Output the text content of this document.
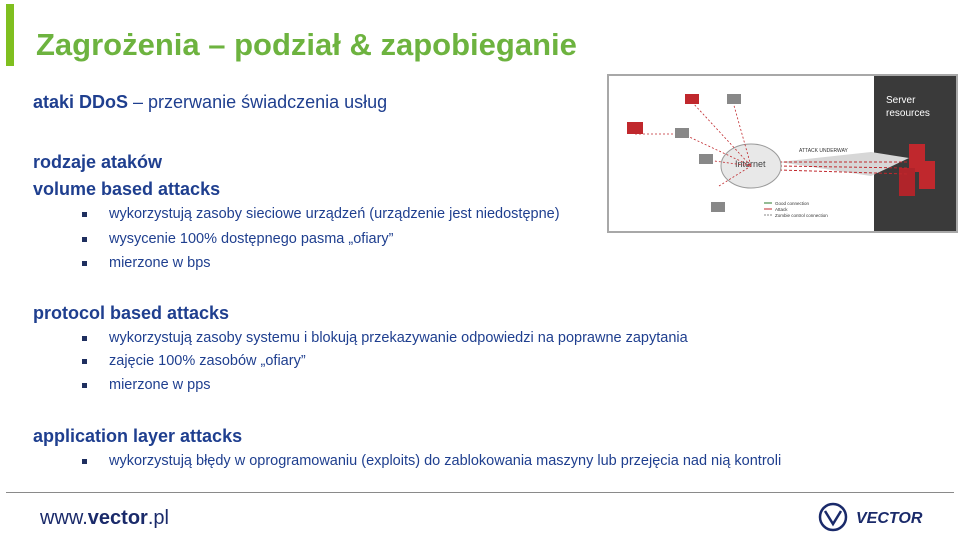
Zagrożenia – podział & zapobieganie
ataki DDoS – przerwanie świadczenia usług
rodzaje ataków
volume based attacks
wykorzystują zasoby sieciowe urządzeń (urządzenie jest niedostępne)
wysycenie 100% dostępnego pasma „ofiary”
mierzone w bps
protocol based attacks
wykorzystują zasoby systemu i blokują przekazywanie odpowiedzi na poprawne zapytania
zajęcie 100% zasobów „ofiary”
mierzone w pps
application layer attacks
wykorzystują błędy w oprogramowaniu (exploits) do zablokowania maszyny lub przejęcia nad nią kontroli
Server
resources
ATTACK UNDERWAY
Internet
Good connection
Attack
Zombie control connection
www.vector.pl	VECTOR
